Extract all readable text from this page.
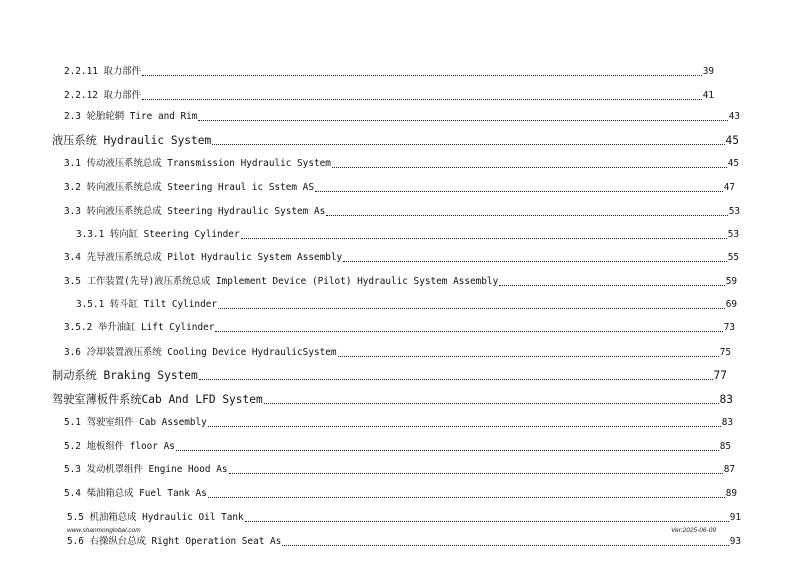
2.2.11 取力部件	39
2.2.12 取力部件	41
2.3 轮胎轮辋 Tire and Rim	43
液压系统 Hydraulic System	45
3.1 传动液压系统总成 Transmission Hydraulic System	45
3.2 转向液压系统总成 Steering Hraul ic Sstem AS	47
3.3 转向液压系统总成 Steering Hydraulic System As	53
3.3.1 转向缸 Steering Cylinder	53
3.4 先导液压系统总成 Pilot Hydraulic System Assembly	55
3.5 工作装置(先导)液压系统总成 Implement Device (Pilot) Hydraulic System Assembly	59
3.5.1 转斗缸 Tilt Cylinder	69
3.5.2 举升油缸 Lift Cylinder	73
3.6 冷却装置液压系统 Cooling Device HydraulicSystem	75
制动系统 Braking System	77
驾驶室薄板件系统Cab And LFD System	83
5.1 驾驶室组件 Cab Assembly	83
5.2 地板组件 floor As	85
5.3 发动机罩组件 Engine Hood As	87
5.4 柴油箱总成 Fuel Tank As	89
5.5 机油箱总成 Hydraulic Oil Tank	91
5.6 右操纵台总成 Right Operation Seat As	93
www.shanmonglobal.com	Ver:2025-06-09
